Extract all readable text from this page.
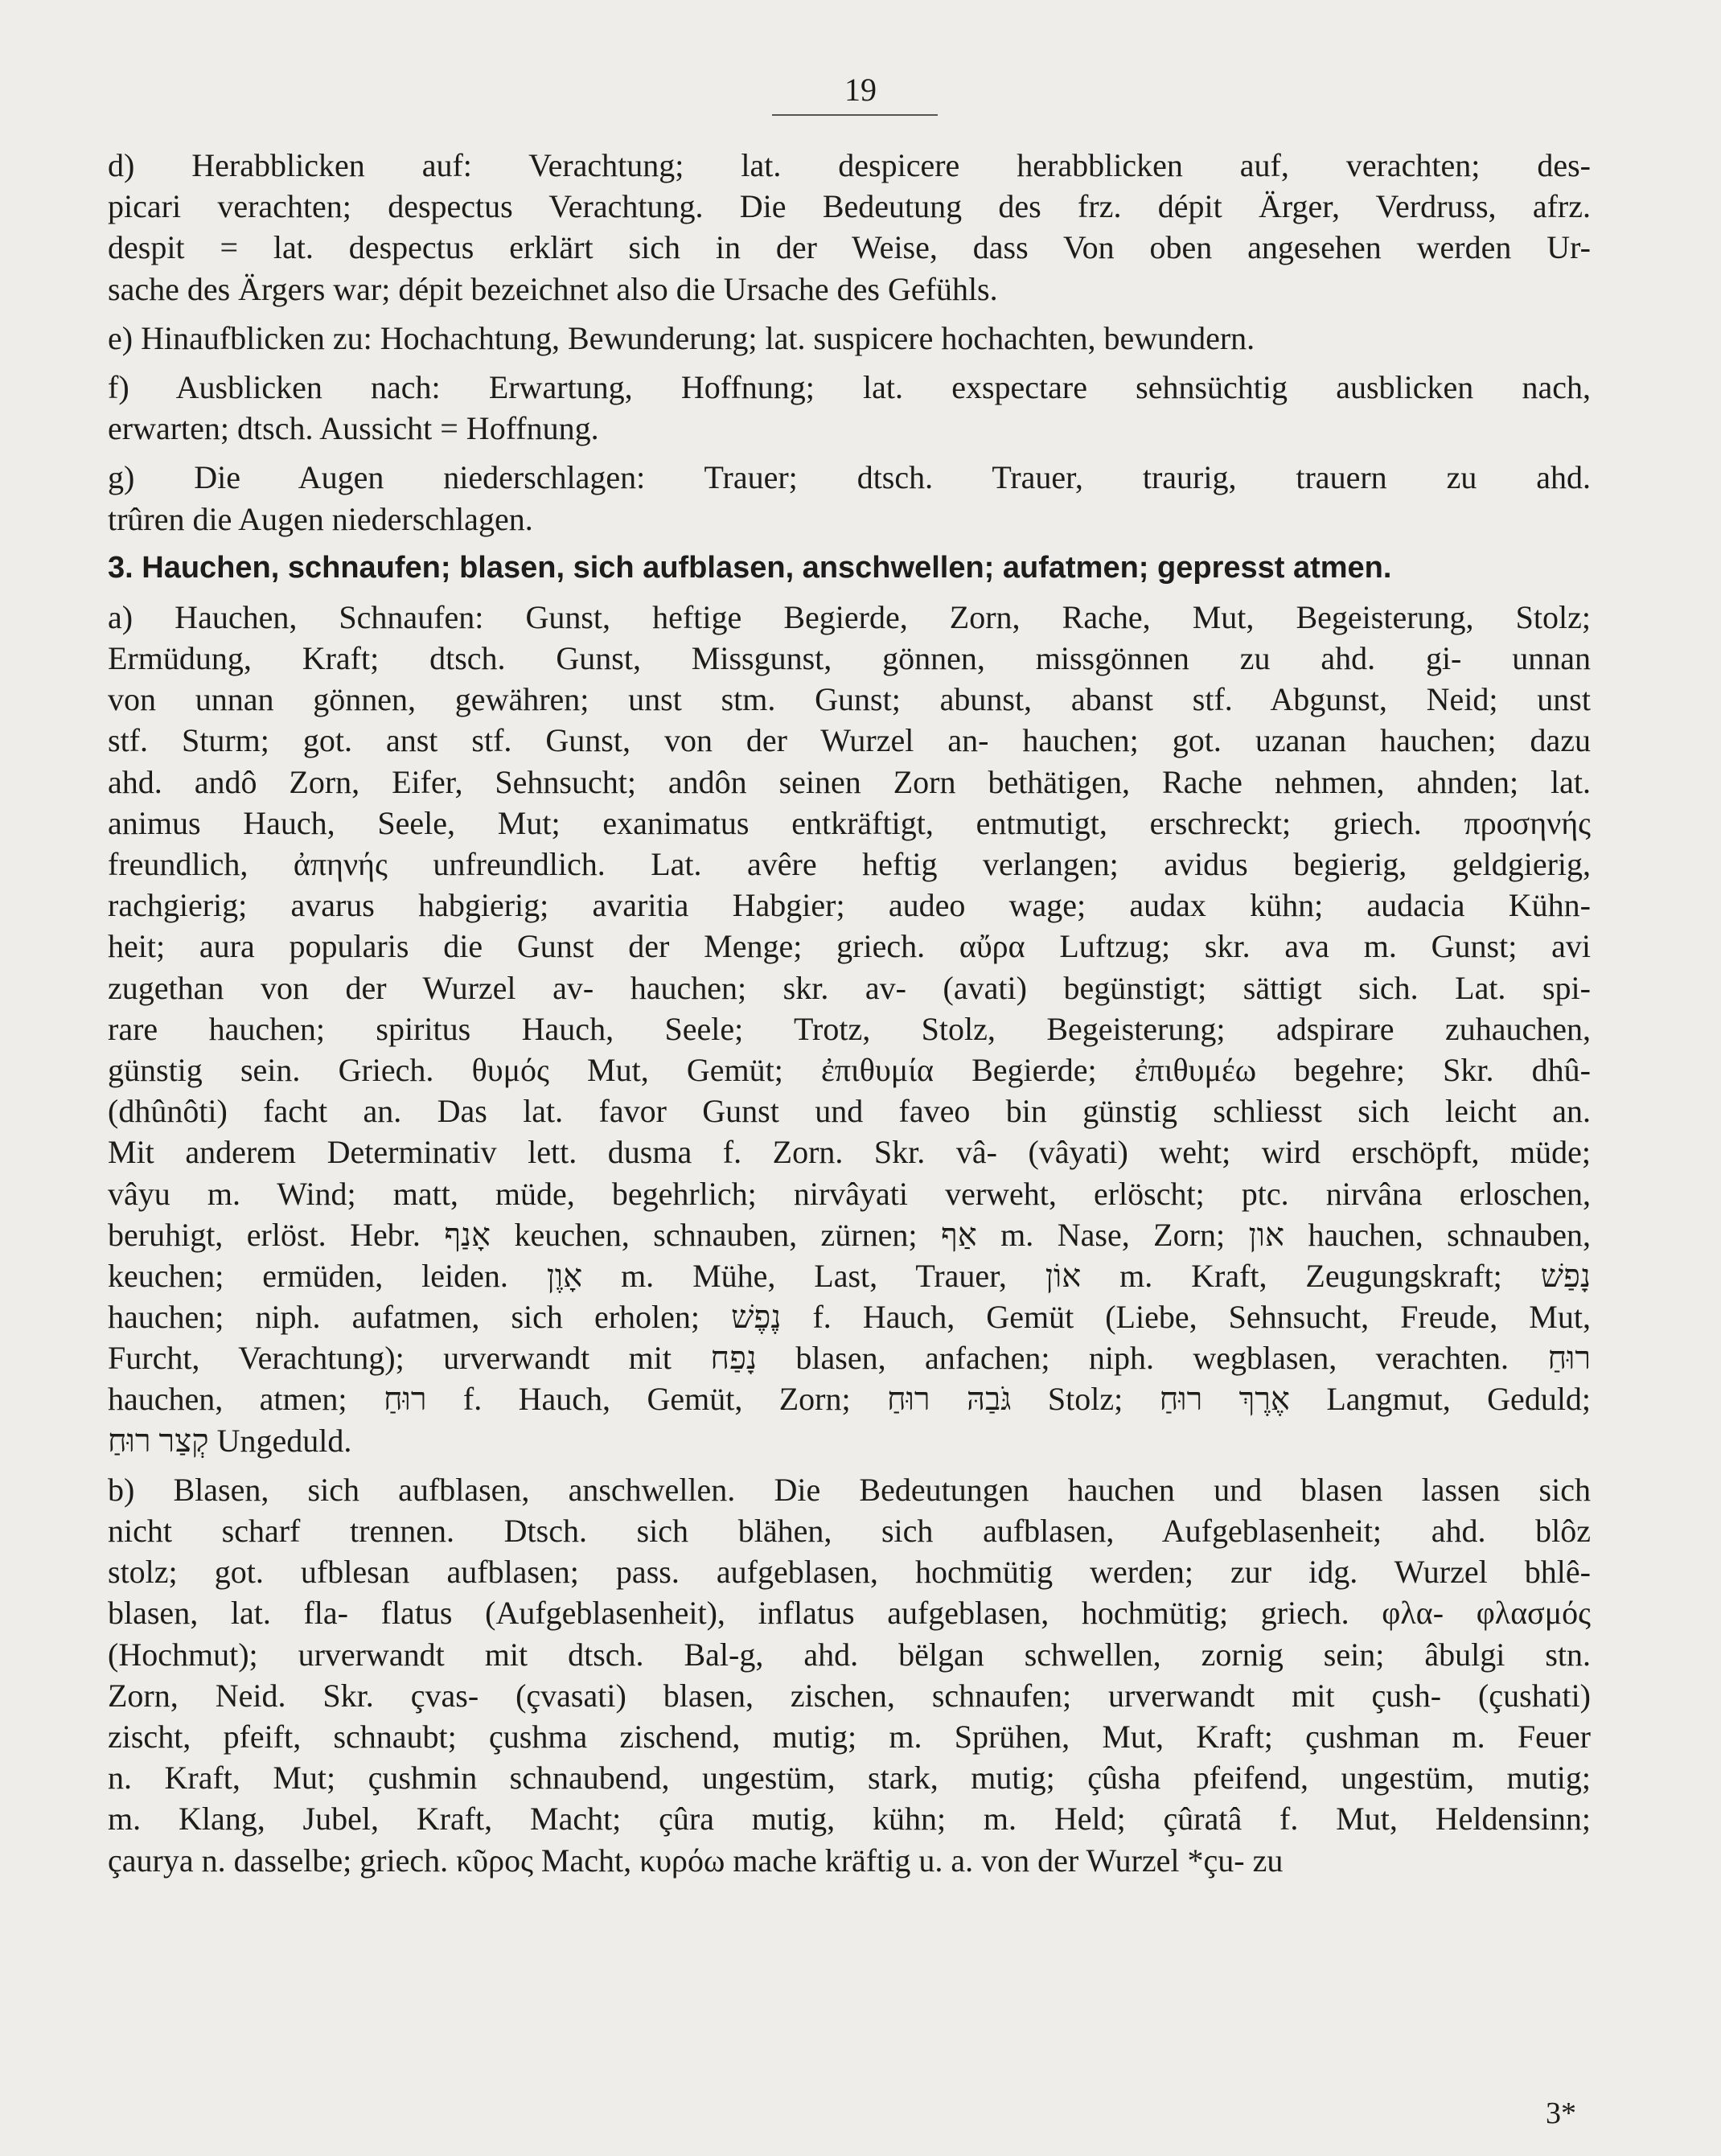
19

d) Herabblicken auf: Verachtung; lat. despicere herabblicken auf, verachten; des-
picari verachten; despectus Verachtung. Die Bedeutung des frz. dépit Ärger, Verdruss, afrz.
despit = lat. despectus erklärt sich in der Weise, dass Von oben angesehen werden Ur-
sache des Ärgers war; dépit bezeichnet also die Ursache des Gefühls.

e) Hinaufblicken zu: Hochachtung, Bewunderung; lat. suspicere hochachten, bewundern.

f) Ausblicken nach: Erwartung, Hoffnung; lat. exspectare sehnsüchtig ausblicken nach,
erwarten; dtsch. Aussicht = Hoffnung.

g) Die Augen niederschlagen: Trauer; dtsch. Trauer, traurig, trauern zu ahd.
trûren die Augen niederschlagen.

3. Hauchen, schnaufen; blasen, sich aufblasen, anschwellen; aufatmen; gepresst atmen.

a) Hauchen, Schnaufen: Gunst, heftige Begierde, Zorn, Rache, Mut, Begeisterung, Stolz;
Ermüdung, Kraft; dtsch. Gunst, Missgunst, gönnen, missgönnen zu ahd. gi- unnan
von unnan gönnen, gewähren; unst stm. Gunst; abunst, abanst stf. Abgunst, Neid; unst
stf. Sturm; got. anst stf. Gunst, von der Wurzel an- hauchen; got. uzanan hauchen; dazu
ahd. andô Zorn, Eifer, Sehnsucht; andôn seinen Zorn bethätigen, Rache nehmen, ahnden; lat.
animus Hauch, Seele, Mut; exanimatus entkräftigt, entmutigt, erschreckt; griech. προσηνής
freundlich, ἀπηνής unfreundlich. Lat. avêre heftig verlangen; avidus begierig, geldgierig,
rachgierig; avarus habgierig; avaritia Habgier; audeo wage; audax kühn; audacia Kühn-
heit; aura popularis die Gunst der Menge; griech. αὔρα Luftzug; skr. ava m. Gunst; avi
zugethan von der Wurzel av- hauchen; skr. av- (avati) begünstigt; sättigt sich. Lat. spi-
rare hauchen; spiritus Hauch, Seele; Trotz, Stolz, Begeisterung; adspirare zuhauchen,
günstig sein. Griech. θυμός Mut, Gemüt; ἐπιθυμία Begierde; ἐπιθυμέω begehre; Skr. dhû-
(dhûnôti) facht an. Das lat. favor Gunst und faveo bin günstig schliesst sich leicht an.
Mit anderem Determinativ lett. dusma f. Zorn. Skr. vâ- (vâyati) weht; wird erschöpft, müde;
vâyu m. Wind; matt, müde, begehrlich; nirvâyati verweht, erlöscht; ptc. nirvâna erloschen,
beruhigt, erlöst. Hebr. אָנַף keuchen, schnauben, zürnen; אַף m. Nase, Zorn; און hauchen, schnauben,
keuchen; ermüden, leiden. אָוֶן m. Mühe, Last, Trauer, אוֹן m. Kraft, Zeugungskraft; נָפַשׁ
hauchen; niph. aufatmen, sich erholen; נֶפֶשׁ f. Hauch, Gemüt (Liebe, Sehnsucht, Freude, Mut,
Furcht, Verachtung); urverwandt mit נָפַח blasen, anfachen; niph. wegblasen, verachten. רוּחַ
hauchen, atmen; רוּחַ f. Hauch, Gemüt, Zorn; גֹּבַהּ רוּחַ Stolz; אֶרֶךְ רוּחַ Langmut, Geduld;
קְצַר רוּחַ Ungeduld.

b) Blasen, sich aufblasen, anschwellen. Die Bedeutungen hauchen und blasen lassen sich
nicht scharf trennen. Dtsch. sich blähen, sich aufblasen, Aufgeblasenheit; ahd. blôz
stolz; got. ufblesan aufblasen; pass. aufgeblasen, hochmütig werden; zur idg. Wurzel bhlê-
blasen, lat. fla- flatus (Aufgeblasenheit), inflatus aufgeblasen, hochmütig; griech. φλα- φλασμός
(Hochmut); urverwandt mit dtsch. Bal-g, ahd. bëlgan schwellen, zornig sein; âbulgi stn.
Zorn, Neid. Skr. çvas- (çvasati) blasen, zischen, schnaufen; urverwandt mit çush- (çushati)
zischt, pfeift, schnaubt; çushma zischend, mutig; m. Sprühen, Mut, Kraft; çushman m. Feuer
n. Kraft, Mut; çushmin schnaubend, ungestüm, stark, mutig; çûsha pfeifend, ungestüm, mutig;
m. Klang, Jubel, Kraft, Macht; çûra mutig, kühn; m. Held; çûratâ f. Mut, Heldensinn;
çaurya n. dasselbe; griech. κῦρος Macht, κυρόω mache kräftig u. a. von der Wurzel *çu- zu

3*
